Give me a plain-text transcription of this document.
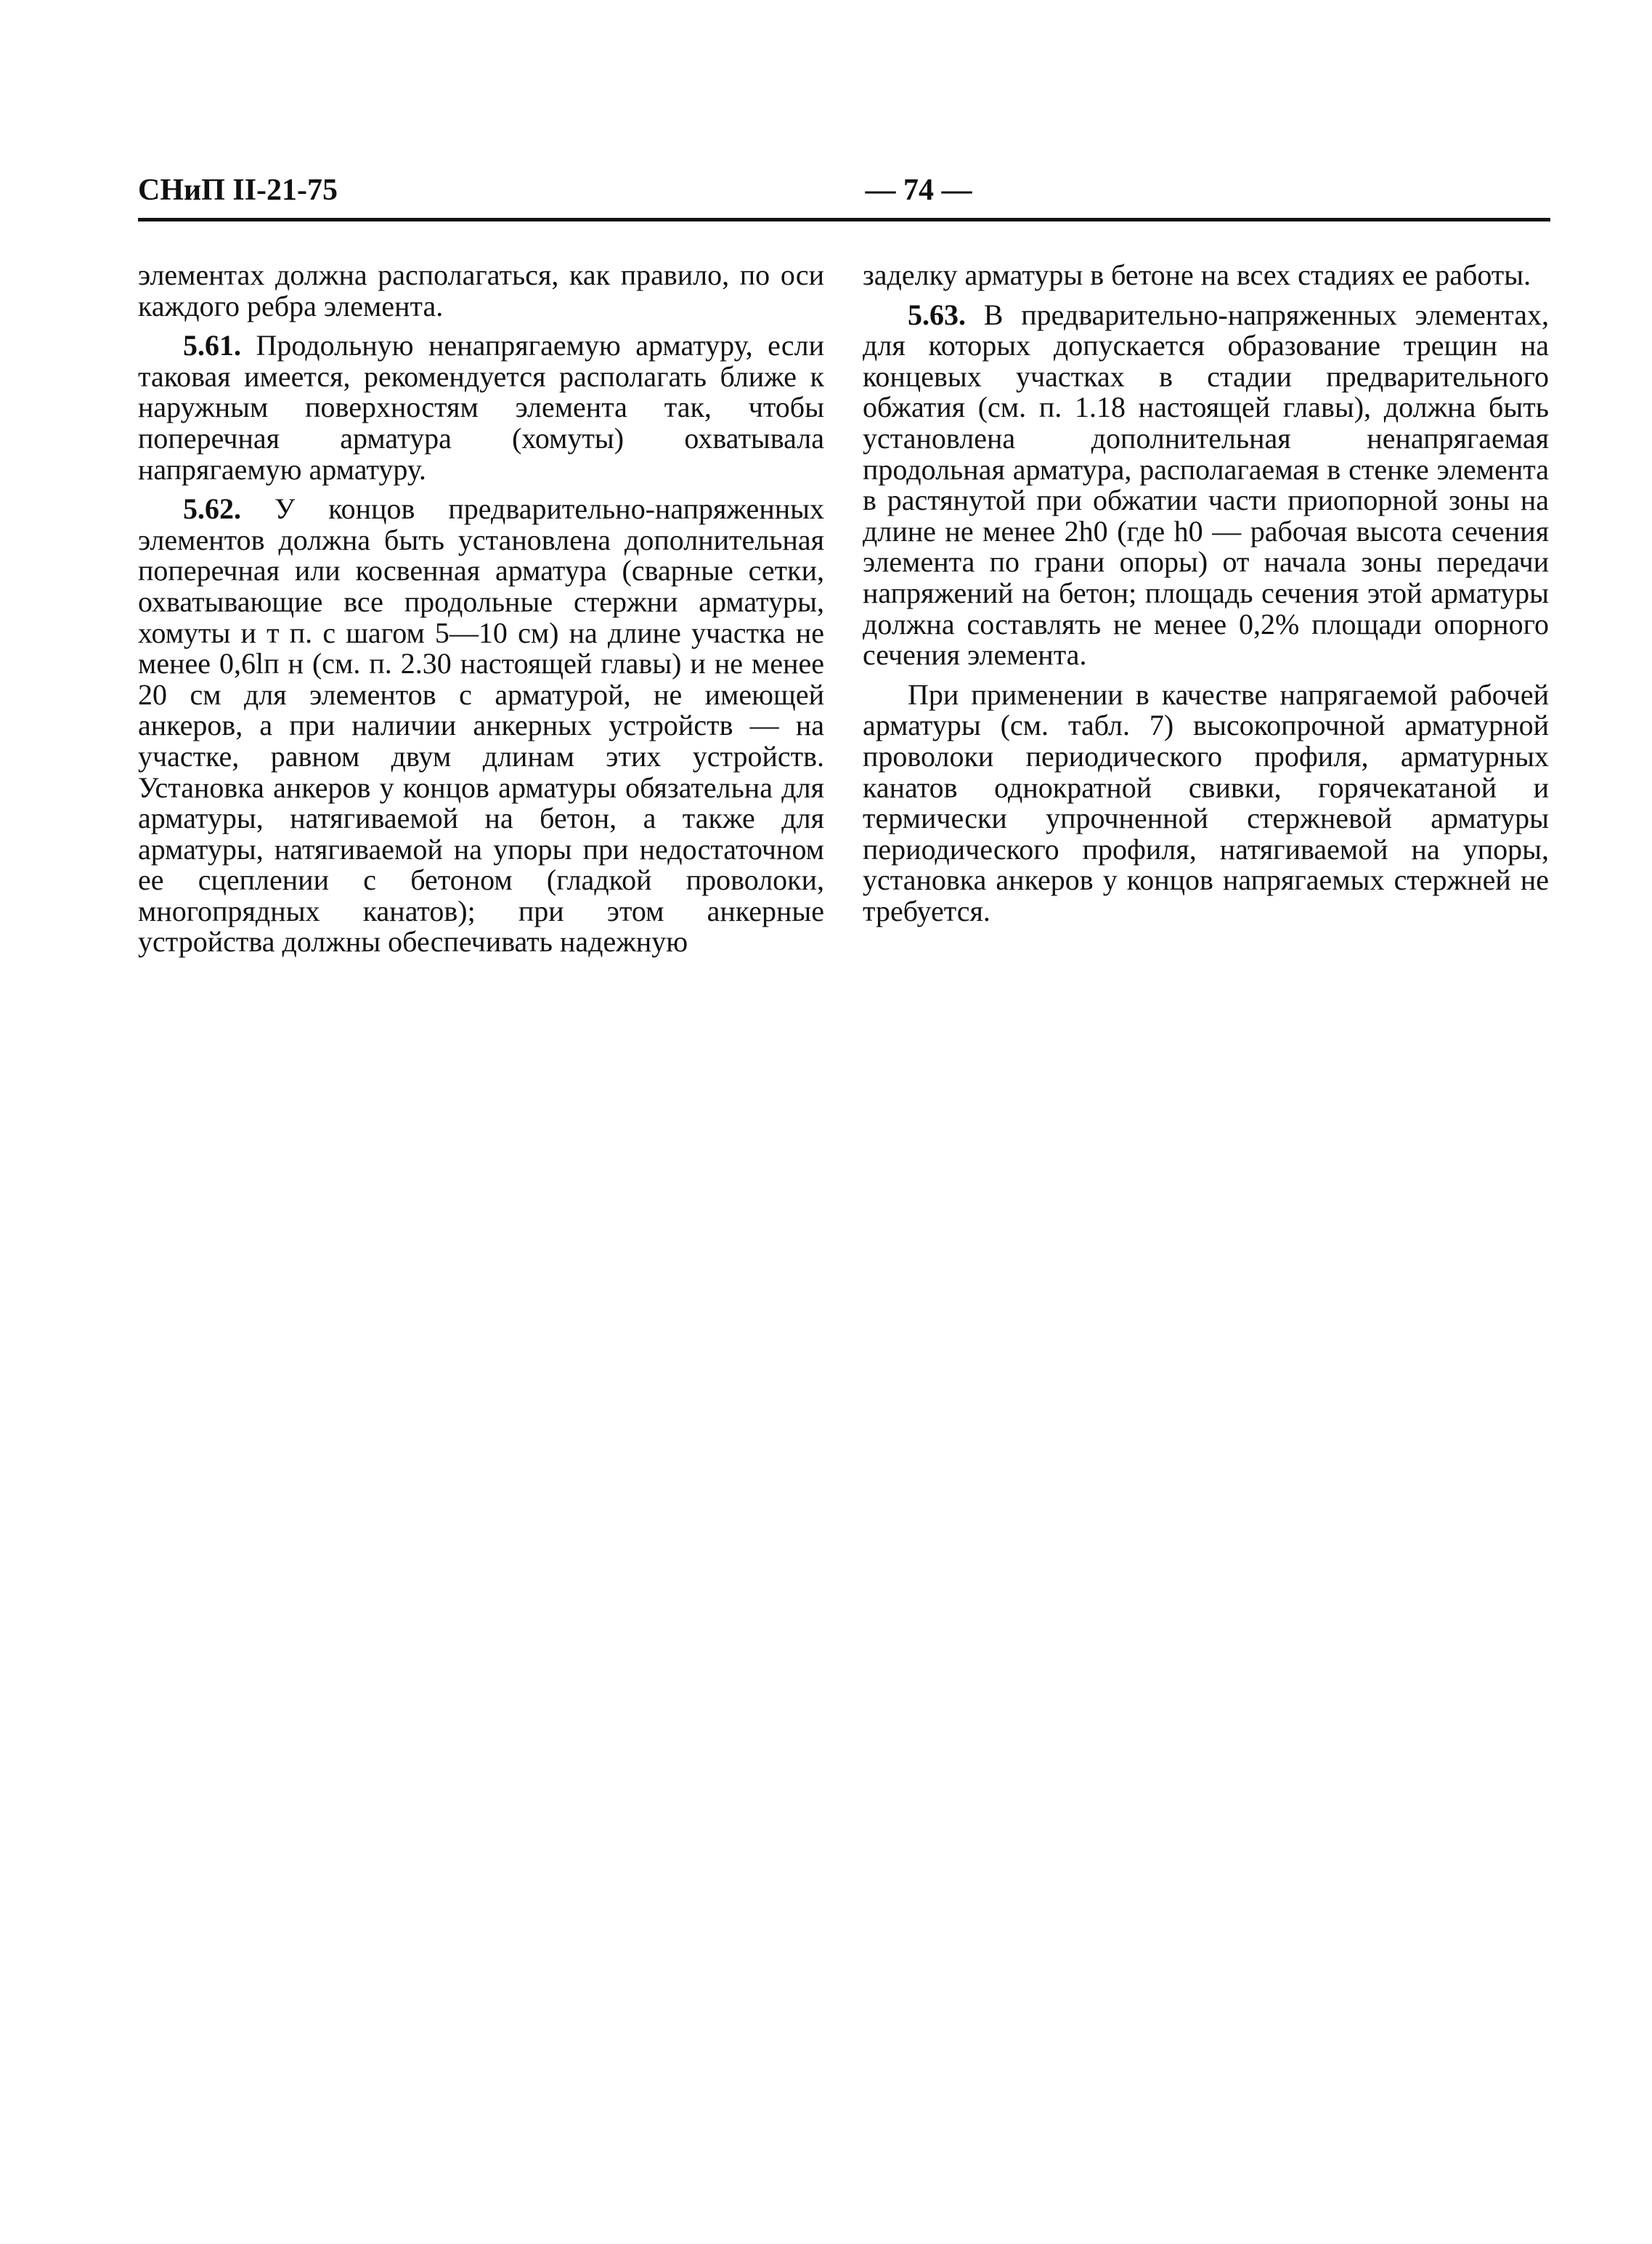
СНиП II-21-75	— 74 —

элементах должна располагаться, как правило, по оси каждого ребра элемента.

5.61. Продольную ненапрягаемую арматуру, если таковая имеется, рекомендуется располагать ближе к наружным поверхностям элемента так, чтобы поперечная арматура (хомуты) охватывала напрягаемую арматуру.

5.62. У концов предварительно-напряженных элементов должна быть установлена дополнительная поперечная или косвенная арматура (сварные сетки, охватывающие все продольные стержни арматуры, хомуты и т п. с шагом 5—10 см) на длине участка не менее 0,6lп н (см. п. 2.30 настоящей главы) и не менее 20 см для элементов с арматурой, не имеющей анкеров, а при наличии анкерных устройств — на участке, равном двум длинам этих устройств. Установка анкеров у концов арматуры обязательна для арматуры, натягиваемой на бетон, а также для арматуры, натягиваемой на упоры при недостаточном ее сцеплении с бетоном (гладкой проволоки, многопрядных канатов); при этом анкерные устройства должны обеспечивать надежную

заделку арматуры в бетоне на всех стадиях ее работы.

5.63. В предварительно-напряженных элементах, для которых допускается образование трещин на концевых участках в стадии предварительного обжатия (см. п. 1.18 настоящей главы), должна быть установлена дополнительная ненапрягаемая продольная арматура, располагаемая в стенке элемента в растянутой при обжатии части приопорной зоны на длине не менее 2h0 (где h0 — рабочая высота сечения элемента по грани опоры) от начала зоны передачи напряжений на бетон; площадь сечения этой арматуры должна составлять не менее 0,2% площади опорного сечения элемента.

При применении в качестве напрягаемой рабочей арматуры (см. табл. 7) высокопрочной арматурной проволоки периодического профиля, арматурных канатов однократной свивки, горячекатаной и термически упрочненной стержневой арматуры периодического профиля, натягиваемой на упоры, установка анкеров у концов напрягаемых стержней не требуется.
